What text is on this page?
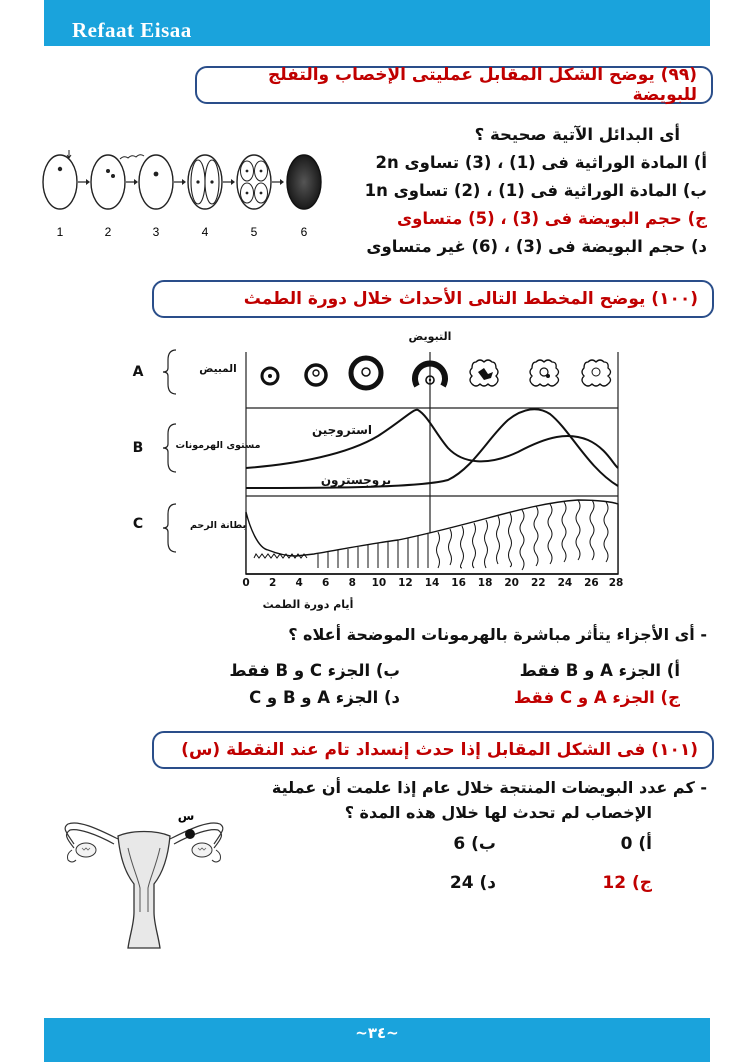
Refaat Eisaa
(٩٩) يوضح الشكل المقابل عمليتى الإخصاب والتفلج للبويضة
1	2	3	4	5	6
أى البدائل الآتية صحيحة ؟
أ) المادة الوراثية فى (1) ، (3) تساوى 2n
ب) المادة الوراثية فى (1) ، (2) تساوى 1n
ج) حجم البويضة فى (3) ، (5) متساوى
د) حجم البويضة فى (3) ، (6) غير متساوى
(١٠٠) يوضح المخطط التالى الأحداث خلال دورة الطمث
التبويض
A
B
C
المبيض
مستوى الهرمونات
بطانة الرحم
استروجين
بروجسترون
0 2 4 6 8 10 12 14 16 18 20 22 24 26 28
أيام دورة الطمث
- أى الأجزاء يتأثر مباشرة بالهرمونات الموضحة أعلاه ؟
أ) الجزء A و B فقط
ب) الجزء C و B فقط
ج) الجزء A و C فقط
د) الجزء A و B و C
(١٠١) فى الشكل المقابل إذا حدث إنسداد تام عند النقطة (س)
- كم عدد البويضات المنتجة خلال عام إذا علمت أن عملية
الإخصاب لم تحدث لها خلال هذه المدة ؟
س
أ) 0
ب) 6
ج) 12
د) 24
~٣٤~
